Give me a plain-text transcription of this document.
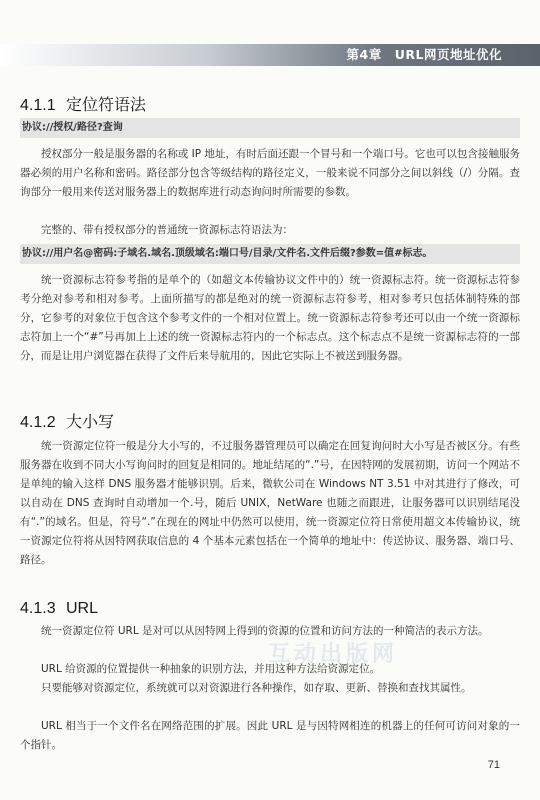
第4章　URL网页地址优化
4.1.1 定位符语法
协议://授权/路径?查询

授权部分一般是服务器的名称或 IP 地址，有时后面还跟一个冒号和一个端口号。它也可以包含接触服务器必须的用户名称和密码。路径部分包含等级结构的路径定义，一般来说不同部分之间以斜线（/）分隔。查询部分一般用来传送对服务器上的数据库进行动态询问时所需要的参数。

完整的、带有授权部分的普通统一资源标志符语法为：

协议://用户名@密码:子域名.域名.顶级域名:端口号/目录/文件名.文件后缀?参数=值#标志。

统一资源标志符参考指的是单个的（如超文本传输协议文件中的）统一资源标志符。统一资源标志符参考分绝对参考和相对参考。上面所描写的都是绝对的统一资源标志符参考，相对参考只包括体制特殊的部分，它参考的对象位于包含这个参考文件的一个相对位置上。统一资源标志符参考还可以由一个统一资源标志符加上一个“#”号再加上上述的统一资源标志符内的一个标志点。这个标志点不是统一资源标志符的一部分，而是让用户浏览器在获得了文件后来导航用的，因此它实际上不被送到服务器。

4.1.2 大小写

统一资源定位符一般是分大小写的，不过服务器管理员可以确定在回复询问时大小写是否被区分。有些服务器在收到不同大小写询问时的回复是相同的。地址结尾的“.”号，在因特网的发展初期，访问一个网站不是单纯的输入这样 DNS 服务器才能够识别。后来，微软公司在 Windows NT 3.51 中对其进行了修改，可以自动在 DNS 查询时自动增加一个.号，随后 UNIX，NetWare 也随之而跟进，让服务器可以识别结尾没有“.”的域名。但是，符号“.”在现在的网址中仍然可以使用，统一资源定位符日常使用超文本传输协议，统一资源定位符将从因特网获取信息的 4 个基本元素包括在一个简单的地址中：传送协议、服务器、端口号、路径。

4.1.3 URL

统一资源定位符 URL 是对可以从因特网上得到的资源的位置和访问方法的一种简洁的表示方法。

URL 给资源的位置提供一种抽象的识别方法，并用这种方法给资源定位。

只要能够对资源定位，系统就可以对资源进行各种操作，如存取、更新、替换和查找其属性。

URL 相当于一个文件名在网络范围的扩展。因此 URL 是与因特网相连的机器上的任何可访问对象的一个指针。

互动出版网
71
